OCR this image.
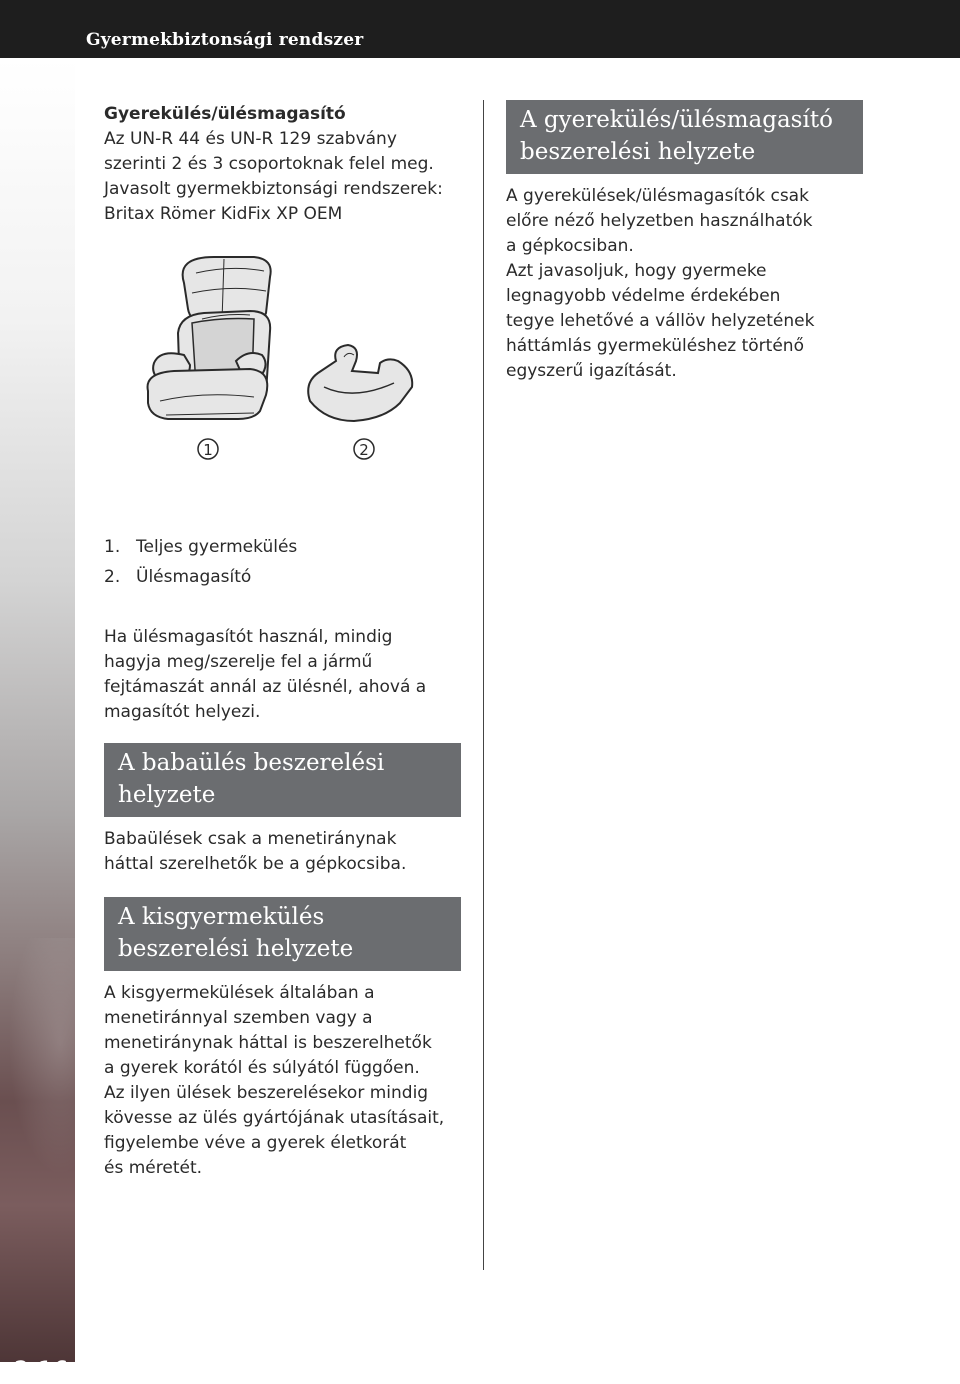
Gyermekbiztonsági rendszer
2-16

Gyerekülés/ülésmagasító

Az UN-R 44 és UN-R 129 szabvány

szerinti 2 és 3 csoportoknak felel meg.

Javasolt gyermekbiztonsági rendszerek:

Britax Römer KidFix XP OEM

1	2
1. Teljes gyermekülés
2. Ülésmagasító

Ha ülésmagasítót használ, mindig

hagyja meg/szerelje fel a jármű

fejtámaszát annál az ülésnél, ahová a

magasítót helyezi.

A babaülés beszerelési
helyzete

Babaülések csak a menetiránynak

háttal szerelhetők be a gépkocsiba.

A kisgyermekülés
beszerelési helyzete

A kisgyermekülések általában a

menetiránnyal szemben vagy a

menetiránynak háttal is beszerelhetők

a gyerek korától és súlyától függően.

Az ilyen ülések beszerelésekor mindig

kövesse az ülés gyártójának utasításait,

figyelembe véve a gyerek életkorát

és méretét.

A gyerekülés/ülésmagasító
beszerelési helyzete

A gyerekülések/ülésmagasítók csak

előre néző helyzetben használhatók

a gépkocsiban.

Azt javasoljuk, hogy gyermeke

legnagyobb védelme érdekében

tegye lehetővé a vállöv helyzetének

háttámlás gyermeküléshez történő

egyszerű igazítását.
